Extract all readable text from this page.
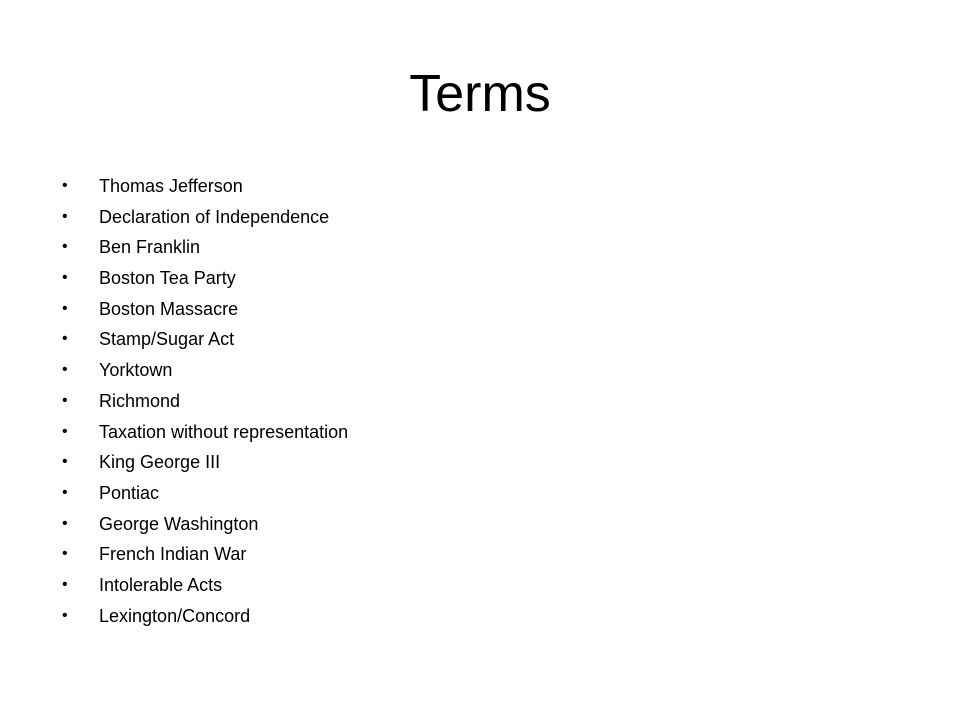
Terms
• Thomas Jefferson
• Declaration of Independence
• Ben Franklin
• Boston Tea Party
• Boston Massacre
• Stamp/Sugar Act
• Yorktown
• Richmond
• Taxation without representation
• King George III
• Pontiac
• George Washington
• French Indian War
• Intolerable Acts
• Lexington/Concord
